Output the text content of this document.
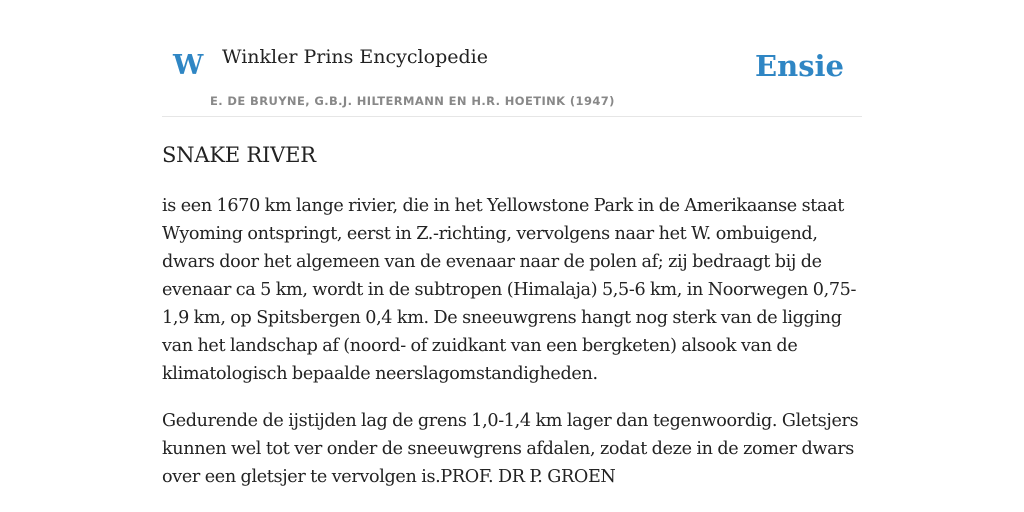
W Winkler Prins Encyclopedie	Ensie
E. DE BRUYNE, G.B.J. HILTERMANN EN H.R. HOETINK (1947)
SNAKE RIVER

is een 1670 km lange rivier, die in het Yellowstone Park in de Amerikaanse staat Wyoming ontspringt, eerst in Z.-richting, vervolgens naar het W. ombuigend, dwars door het algemeen van de evenaar naar de polen af; zij bedraagt bij de evenaar ca 5 km, wordt in de subtropen (Himalaja) 5,5-6 km, in Noorwegen 0,75-1,9 km, op Spitsbergen 0,4 km. De sneeuwgrens hangt nog sterk van de ligging van het landschap af (noord- of zuidkant van een bergketen) alsook van de klimatologisch bepaalde neerslagomstandigheden.

Gedurende de ijstijden lag de grens 1,0-1,4 km lager dan tegenwoordig. Gletsjers kunnen wel tot ver onder de sneeuwgrens afdalen, zodat deze in de zomer dwars over een gletsjer te vervolgen is.PROF. DR P. GROEN
